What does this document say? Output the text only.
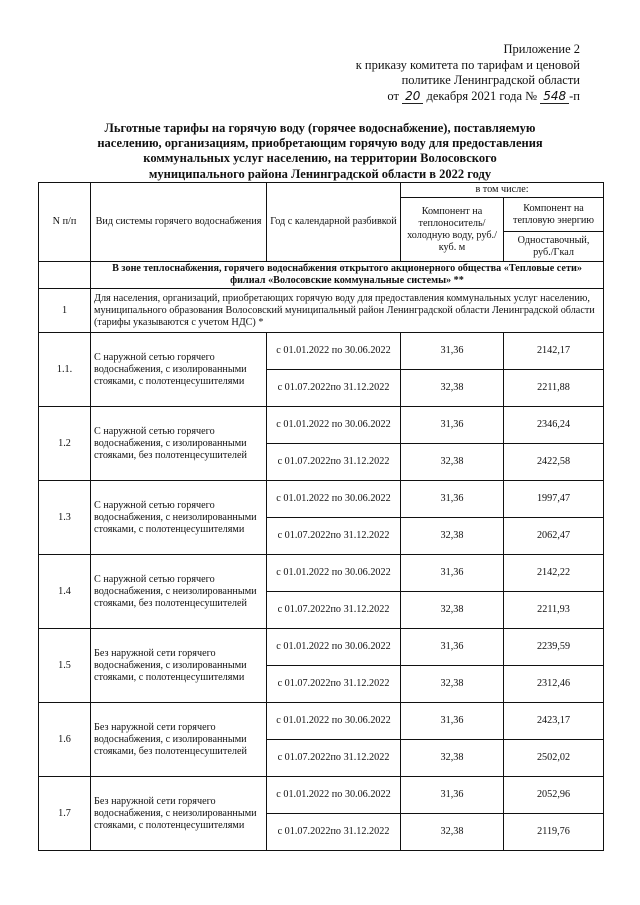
Приложение 2
к приказу комитета по тарифам и ценовой
политике Ленинградской области
от 20 декабря 2021 года № 548 -п
Льготные тарифы на горячую воду (горячее водоснабжение), поставляемую
населению, организациям, приобретающим горячую воду для предоставления
коммунальных услуг населению, на территории Волосовского
муниципального района Ленинградской области в 2022 году
N п/п	Вид системы горячего водоснабжения	Год с календарной разбивкой	в том числе:	
			Компонент на теплоноситель/холодную воду, руб./куб. м	Компонент на тепловую энергию
				Одноставочный, руб./Гкал
	В зоне теплоснабжения, горячего водоснабжения открытого акционерного общества «Тепловые сети» филиал «Волосовские коммунальные системы» **			
1	Для населения, организаций, приобретающих горячую воду для предоставления коммунальных услуг населению, муниципального образования Волосовский муниципальный район Ленинградской области Ленинградской области (тарифы указываются с учетом НДС) *			
1.1.	С наружной сетью горячего водоснабжения, с изолированными стояками, с полотенцесушителями	с 01.01.2022 по 30.06.2022	31,36	2142,17
		с 01.07.2022по 31.12.2022	32,38	2211,88
1.2	С наружной сетью горячего водоснабжения, с изолированными стояками, без полотенцесушителей	с 01.01.2022 по 30.06.2022	31,36	2346,24
		с 01.07.2022по 31.12.2022	32,38	2422,58
1.3	С наружной сетью горячего водоснабжения, с неизолированными стояками, с полотенцесушителями	с 01.01.2022 по 30.06.2022	31,36	1997,47
		с 01.07.2022по 31.12.2022	32,38	2062,47
1.4	С наружной сетью горячего водоснабжения, с неизолированными стояками, без полотенцесушителей	с 01.01.2022 по 30.06.2022	31,36	2142,22
		с 01.07.2022по 31.12.2022	32,38	2211,93
1.5	Без наружной сети горячего водоснабжения, с изолированными стояками, с полотенцесушителями	с 01.01.2022 по 30.06.2022	31,36	2239,59
		с 01.07.2022по 31.12.2022	32,38	2312,46
1.6	Без наружной сети горячего водоснабжения, с изолированными стояками, без полотенцесушителей	с 01.01.2022 по 30.06.2022	31,36	2423,17
		с 01.07.2022по 31.12.2022	32,38	2502,02
1.7	Без наружной сети горячего водоснабжения, с неизолированными стояками, с полотенцесушителями	с 01.01.2022 по 30.06.2022	31,36	2052,96
		с 01.07.2022по 31.12.2022	32,38	2119,76
